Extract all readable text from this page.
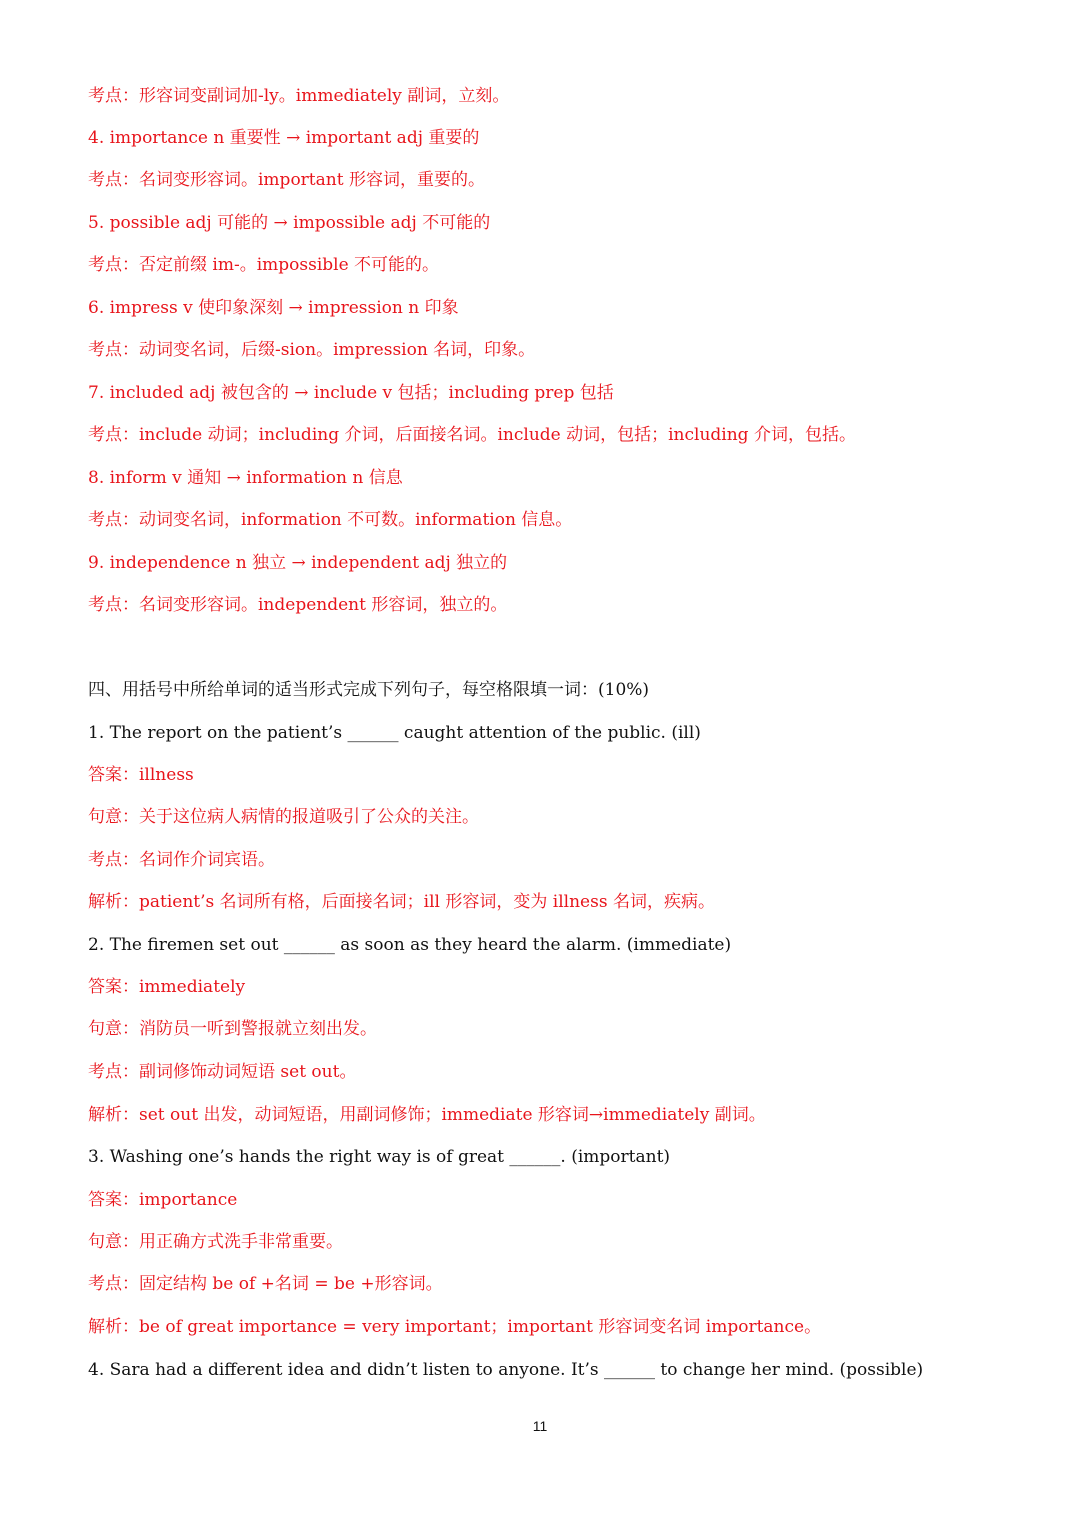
考点：形容词变副词加-ly。immediately 副词，立刻。
4. importance n 重要性 → important adj 重要的
考点：名词变形容词。important 形容词，重要的。
5. possible adj 可能的 → impossible adj 不可能的
考点：否定前缀 im-。impossible 不可能的。
6. impress v 使印象深刻 → impression n 印象
考点：动词变名词，后缀-sion。impression 名词，印象。
7. included adj 被包含的 → include v 包括；including prep 包括
考点：include 动词；including 介词，后面接名词。include 动词，包括；including 介词，包括。
8. inform v 通知 → information n 信息
考点：动词变名词，information 不可数。information 信息。
9. independence n 独立 → independent adj 独立的
考点：名词变形容词。independent 形容词，独立的。
四、用括号中所给单词的适当形式完成下列句子，每空格限填一词：(10%)
1. The report on the patient’s ______ caught attention of the public. (ill)
答案：illness
句意：关于这位病人病情的报道吸引了公众的关注。
考点：名词作介词宾语。
解析：patient’s 名词所有格，后面接名词；ill 形容词，变为 illness 名词，疾病。
2. The firemen set out ______ as soon as they heard the alarm. (immediate)
答案：immediately
句意：消防员一听到警报就立刻出发。
考点：副词修饰动词短语 set out。
解析：set out 出发，动词短语，用副词修饰；immediate 形容词→immediately 副词。
3. Washing one’s hands the right way is of great ______. (important)
答案：importance
句意：用正确方式洗手非常重要。
考点：固定结构 be of +名词 = be +形容词。
解析：be of great importance = very important；important 形容词变名词 importance。
4. Sara had a different idea and didn’t listen to anyone. It’s ______ to change her mind. (possible)
11
